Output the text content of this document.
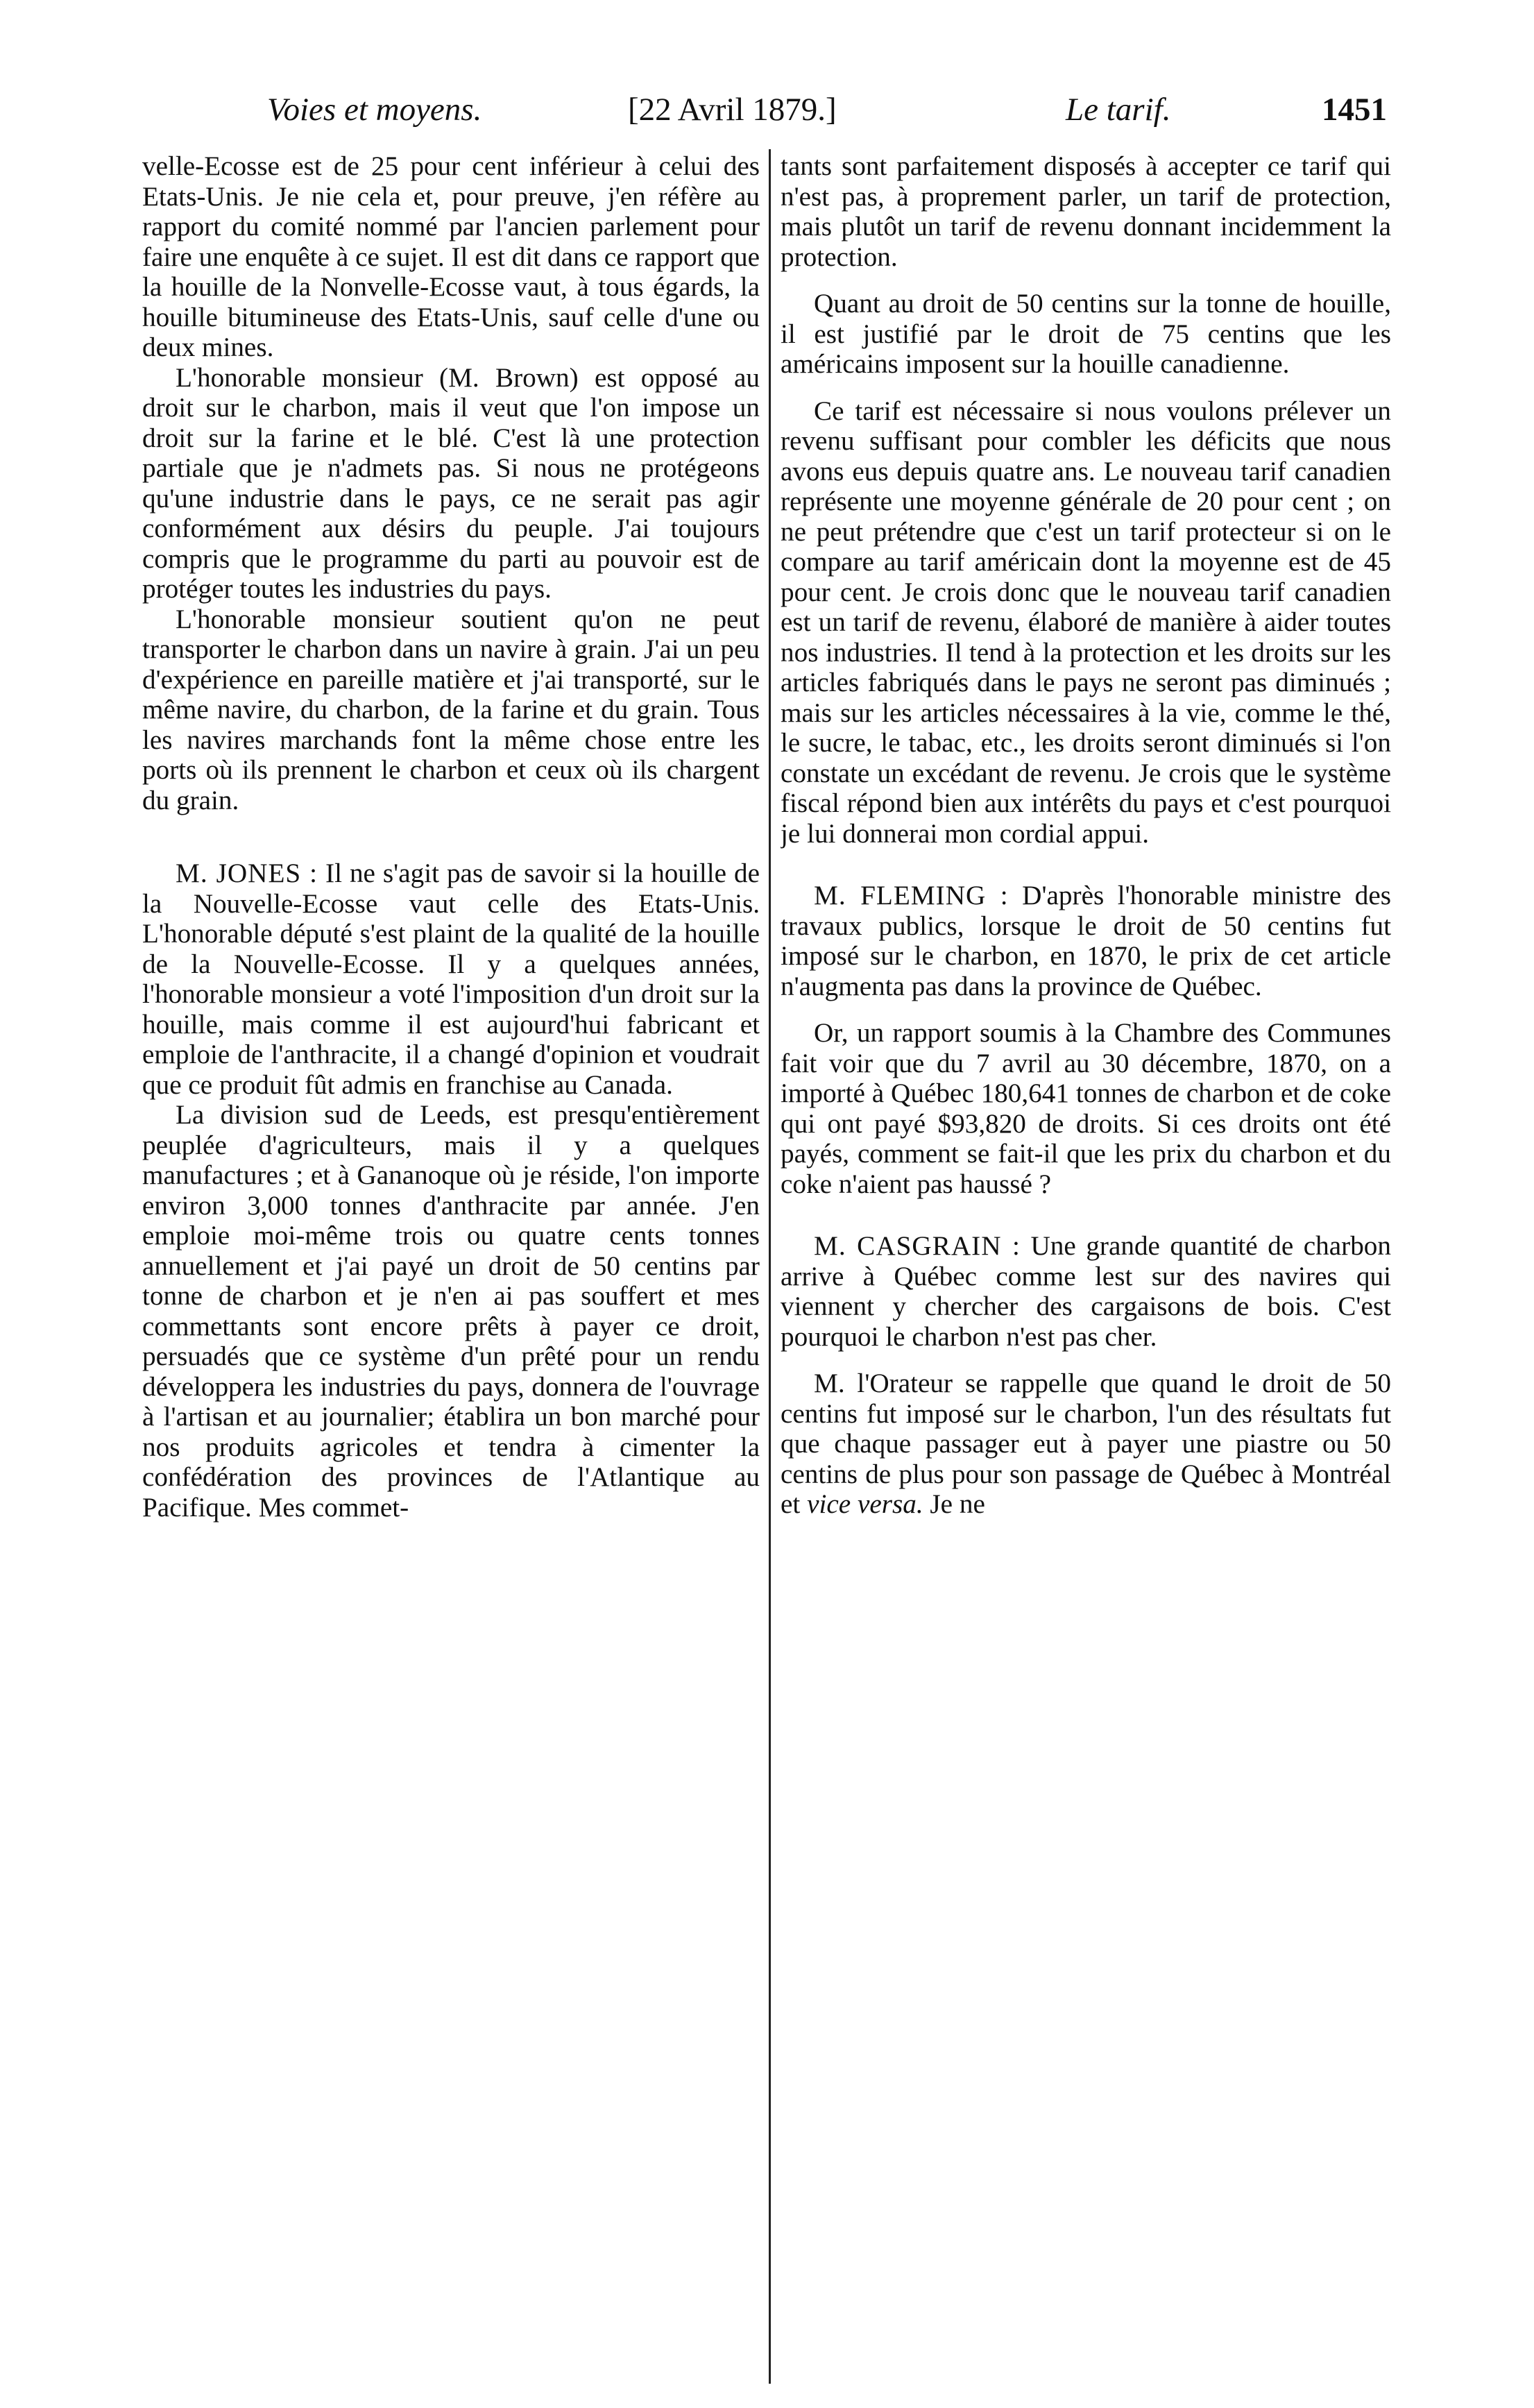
Voies et moyens.	[22 Avril 1879.]	Le tarif.	1451

velle-Ecosse est de 25 pour cent inférieur à celui des Etats-Unis. Je nie cela et, pour preuve, j'en réfère au rapport du comité nommé par l'ancien parlement pour faire une enquête à ce sujet. Il est dit dans ce rapport que la houille de la Nonvelle-Ecosse vaut, à tous égards, la houille bitumineuse des Etats-Unis, sauf celle d'une ou deux mines.

L'honorable monsieur (M. Brown) est opposé au droit sur le charbon, mais il veut que l'on impose un droit sur la farine et le blé. C'est là une protection partiale que je n'admets pas. Si nous ne protégeons qu'une industrie dans le pays, ce ne serait pas agir conformément aux désirs du peuple. J'ai toujours compris que le programme du parti au pouvoir est de protéger toutes les industries du pays.

L'honorable monsieur soutient qu'on ne peut transporter le charbon dans un navire à grain. J'ai un peu d'expérience en pareille matière et j'ai transporté, sur le même navire, du charbon, de la farine et du grain. Tous les navires marchands font la même chose entre les ports où ils prennent le charbon et ceux où ils chargent du grain.

M. JONES : Il ne s'agit pas de savoir si la houille de la Nouvelle-Ecosse vaut celle des Etats-Unis. L'honorable député s'est plaint de la qualité de la houille de la Nouvelle-Ecosse. Il y a quelques années, l'honorable monsieur a voté l'imposition d'un droit sur la houille, mais comme il est aujourd'hui fabricant et emploie de l'anthracite, il a changé d'opinion et voudrait que ce produit fût admis en franchise au Canada.

La division sud de Leeds, est presqu'entièrement peuplée d'agriculteurs, mais il y a quelques manufactures ; et à Gananoque où je réside, l'on importe environ 3,000 tonnes d'anthracite par année. J'en emploie moi-même trois ou quatre cents tonnes annuellement et j'ai payé un droit de 50 centins par tonne de charbon et je n'en ai pas souffert et mes commettants sont encore prêts à payer ce droit, persuadés que ce système d'un prêté pour un rendu développera les industries du pays, donnera de l'ouvrage à l'artisan et au journalier; établira un bon marché pour nos produits agricoles et tendra à cimenter la confédération des provinces de l'Atlantique au Pacifique. Mes commet-

tants sont parfaitement disposés à accepter ce tarif qui n'est pas, à proprement parler, un tarif de protection, mais plutôt un tarif de revenu donnant incidemment la protection.

Quant au droit de 50 centins sur la tonne de houille, il est justifié par le droit de 75 centins que les américains imposent sur la houille canadienne.

Ce tarif est nécessaire si nous voulons prélever un revenu suffisant pour combler les déficits que nous avons eus depuis quatre ans. Le nouveau tarif canadien représente une moyenne générale de 20 pour cent ; on ne peut prétendre que c'est un tarif protecteur si on le compare au tarif américain dont la moyenne est de 45 pour cent. Je crois donc que le nouveau tarif canadien est un tarif de revenu, élaboré de manière à aider toutes nos industries. Il tend à la protection et les droits sur les articles fabriqués dans le pays ne seront pas diminués ; mais sur les articles nécessaires à la vie, comme le thé, le sucre, le tabac, etc., les droits seront diminués si l'on constate un excédant de revenu. Je crois que le système fiscal répond bien aux intérêts du pays et c'est pourquoi je lui donnerai mon cordial appui.

M. FLEMING : D'après l'honorable ministre des travaux publics, lorsque le droit de 50 centins fut imposé sur le charbon, en 1870, le prix de cet article n'augmenta pas dans la province de Québec.

Or, un rapport soumis à la Chambre des Communes fait voir que du 7 avril au 30 décembre, 1870, on a importé à Québec 180,641 tonnes de charbon et de coke qui ont payé $93,820 de droits. Si ces droits ont été payés, comment se fait-il que les prix du charbon et du coke n'aient pas haussé ?

M. CASGRAIN : Une grande quantité de charbon arrive à Québec comme lest sur des navires qui viennent y chercher des cargaisons de bois. C'est pourquoi le charbon n'est pas cher.

M. l'Orateur se rappelle que quand le droit de 50 centins fut imposé sur le charbon, l'un des résultats fut que chaque passager eut à payer une piastre ou 50 centins de plus pour son passage de Québec à Montréal et vice versa. Je ne
